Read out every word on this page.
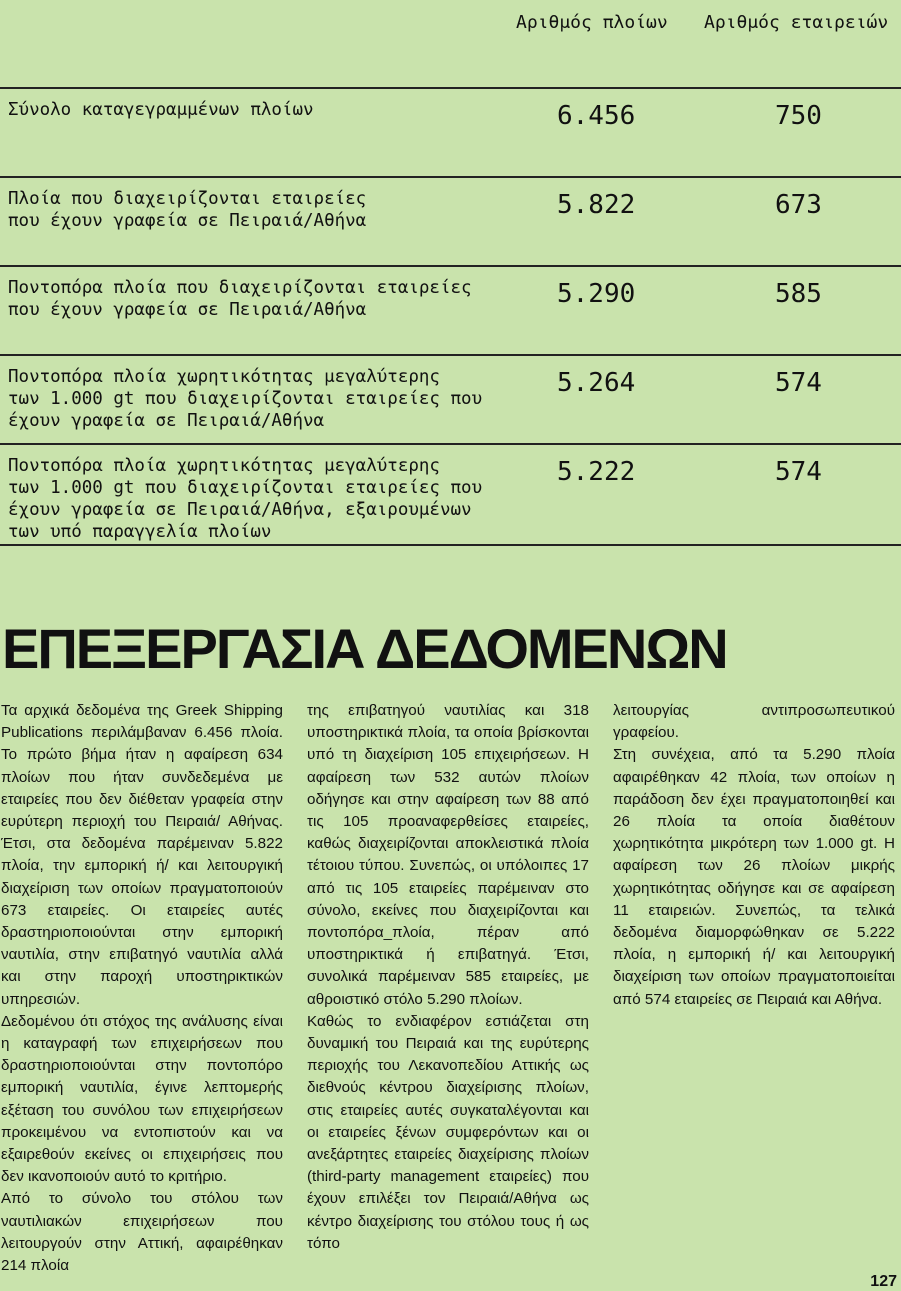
Αριθμός πλοίων Αριθμός εταιρειών
Σύνολο καταγεγραμμένων πλοίων	6.456	750
Πλοία που διαχειρίζονται εταιρείες
που έχουν γραφεία σε Πειραιά/Αθήνα
5.822	673
Ποντοπόρα πλοία που διαχειρίζονται εταιρείες
που έχουν γραφεία σε Πειραιά/Αθήνα
5.290	585
Ποντοπόρα πλοία χωρητικότητας μεγαλύτερης
των 1.000 gt που διαχειρίζονται εταιρείες που
έχουν γραφεία σε Πειραιά/Αθήνα
5.264	574
Ποντοπόρα πλοία χωρητικότητας μεγαλύτερης
των 1.000 gt που διαχειρίζονται εταιρείες που
έχουν γραφεία σε Πειραιά/Αθήνα, εξαιρουμένων
των υπό παραγγελία πλοίων
5.222	574
ΕΠΕΞΕΡΓΑΣΙΑ ΔΕΔΟΜΕΝΩΝ

Τα αρχικά δεδομένα της Greek Shipping Publications περιλάμβαναν 6.456 πλοία. Το πρώτο βήμα ήταν η αφαίρεση 634 πλοίων που ήταν συνδεδεμένα με εταιρείες που δεν διέθεταν γραφεία στην ευρύτερη περιοχή του Πειραιά/ Αθήνας. Έτσι, στα δεδομένα παρέμειναν 5.822 πλοία, την εμπορική ή/ και λειτουργική διαχείριση των οποίων πραγματοποιούν 673 εταιρείες. Οι εταιρείες αυτές δραστηριοποιούνται στην εμπορική ναυτιλία, στην επιβατηγό ναυτιλία αλλά και στην παροχή υποστηρικτικών υπηρεσιών.

Δεδομένου ότι στόχος της ανάλυσης είναι η καταγραφή των επιχειρήσεων που δραστηριοποιούνται στην ποντοπόρο εμπορική ναυτιλία, έγινε λεπτομερής εξέταση του συνόλου των επιχειρήσεων προκειμένου να εντοπιστούν και να εξαιρεθούν εκείνες οι επιχειρήσεις που δεν ικανοποιούν αυτό το κριτήριο.

Από το σύνολο του στόλου των ναυτιλιακών επιχειρήσεων που λειτουργούν στην Αττική, αφαιρέθηκαν 214 πλοία

της επιβατηγού ναυτιλίας και 318 υποστηρικτικά πλοία, τα οποία βρίσκονται υπό τη διαχείριση 105 επιχειρήσεων. Η αφαίρεση των 532 αυτών πλοίων οδήγησε και στην αφαίρεση των 88 από τις 105 προαναφερθείσες εταιρείες, καθώς διαχειρίζονται αποκλειστικά πλοία τέτοιου τύπου. Συνεπώς, οι υπόλοιπες 17 από τις 105 εταιρείες παρέμειναν στο σύνολο, εκείνες που διαχειρίζονται και ποντοπόρα_πλοία, πέραν από υποστηρικτικά ή επιβατηγά. Έτσι, συνολικά παρέμειναν 585 εταιρείες, με αθροιστικό στόλο 5.290 πλοίων.

Καθώς το ενδιαφέρον εστιάζεται στη δυναμική του Πειραιά και της ευρύτερης περιοχής του Λεκανοπεδίου Αττικής ως διεθνούς κέντρου διαχείρισης πλοίων, στις εταιρείες αυτές συγκαταλέγονται και οι εταιρείες ξένων συμφερόντων και οι ανεξάρτητες εταιρείες διαχείρισης πλοίων (third-party management εταιρείες) που έχουν επιλέξει τον Πειραιά/Αθήνα ως κέντρο διαχείρισης του στόλου τους ή ως τόπο

λειτουργίας αντιπροσωπευτικού γραφείου.

Στη συνέχεια, από τα 5.290 πλοία αφαιρέθηκαν 42 πλοία, των οποίων η παράδοση δεν έχει πραγματοποιηθεί και 26 πλοία τα οποία διαθέτουν χωρητικότητα μικρότερη των 1.000 gt. Η αφαίρεση των 26 πλοίων μικρής χωρητικότητας οδήγησε και σε αφαίρεση 11 εταιρειών. Συνεπώς, τα τελικά δεδομένα διαμορφώθηκαν σε 5.222 πλοία, η εμπορική ή/ και λειτουργική διαχείριση των οποίων πραγματοποιείται από 574 εταιρείες σε Πειραιά και Αθήνα.

127
